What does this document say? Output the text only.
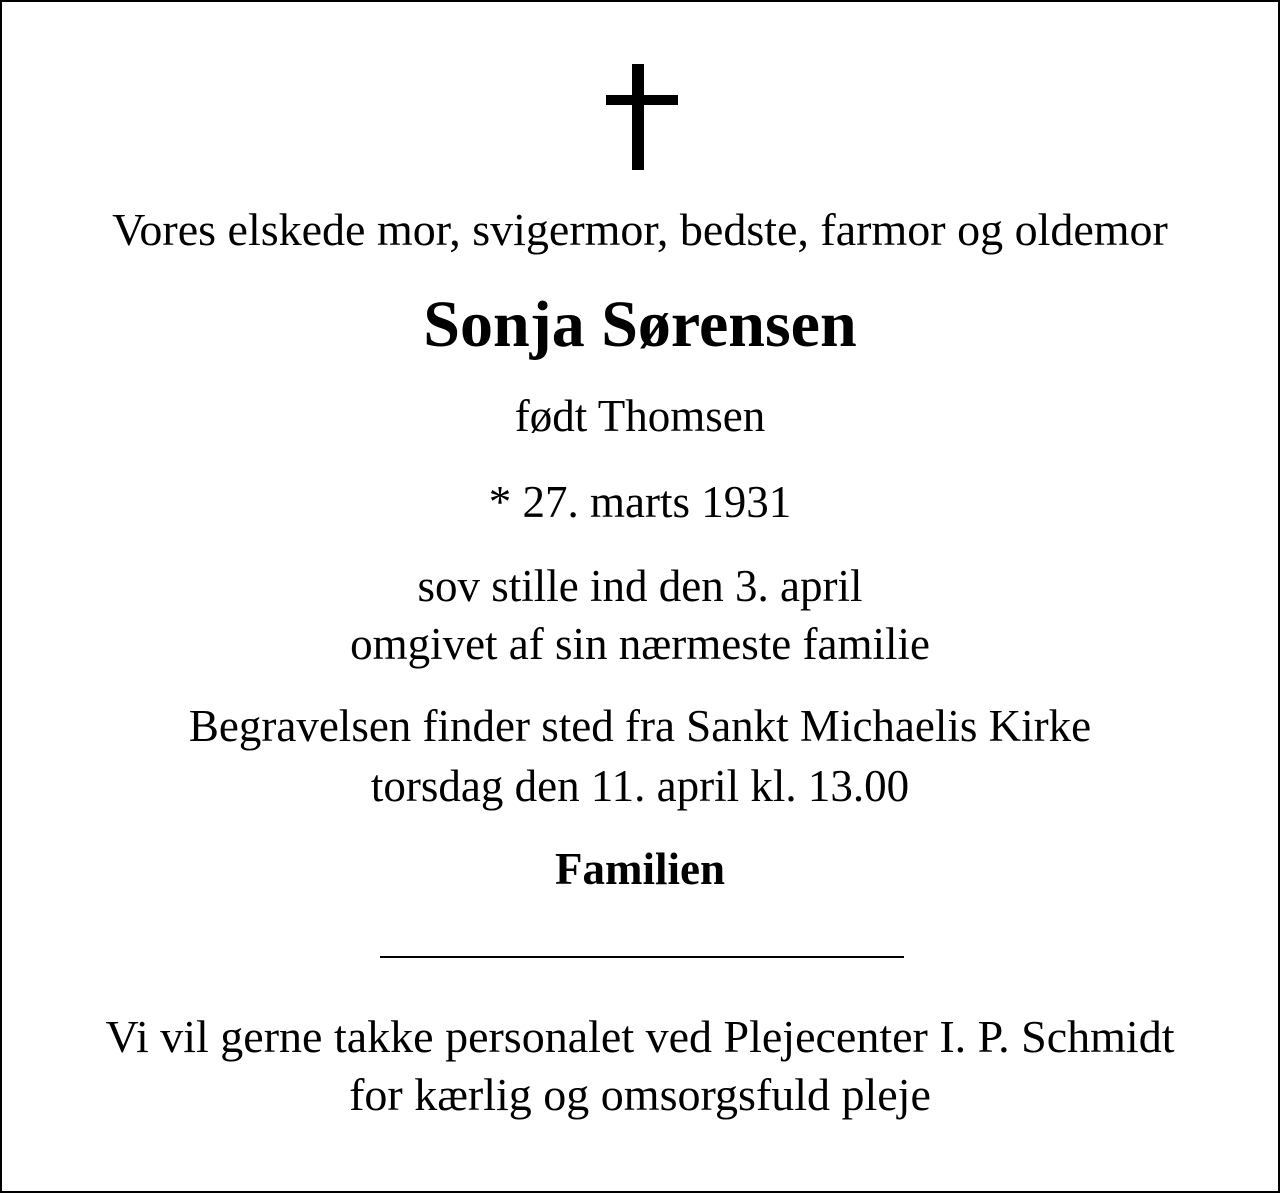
Vores elskede mor, svigermor, bedste, farmor og oldemor
Sonja Sørensen
født Thomsen
* 27. marts 1931
sov stille ind den 3. april
omgivet af sin nærmeste familie
Begravelsen finder sted fra Sankt Michaelis Kirke
torsdag den 11. april kl. 13.00
Familien
Vi vil gerne takke personalet ved Plejecenter I. P. Schmidt
for kærlig og omsorgsfuld pleje
